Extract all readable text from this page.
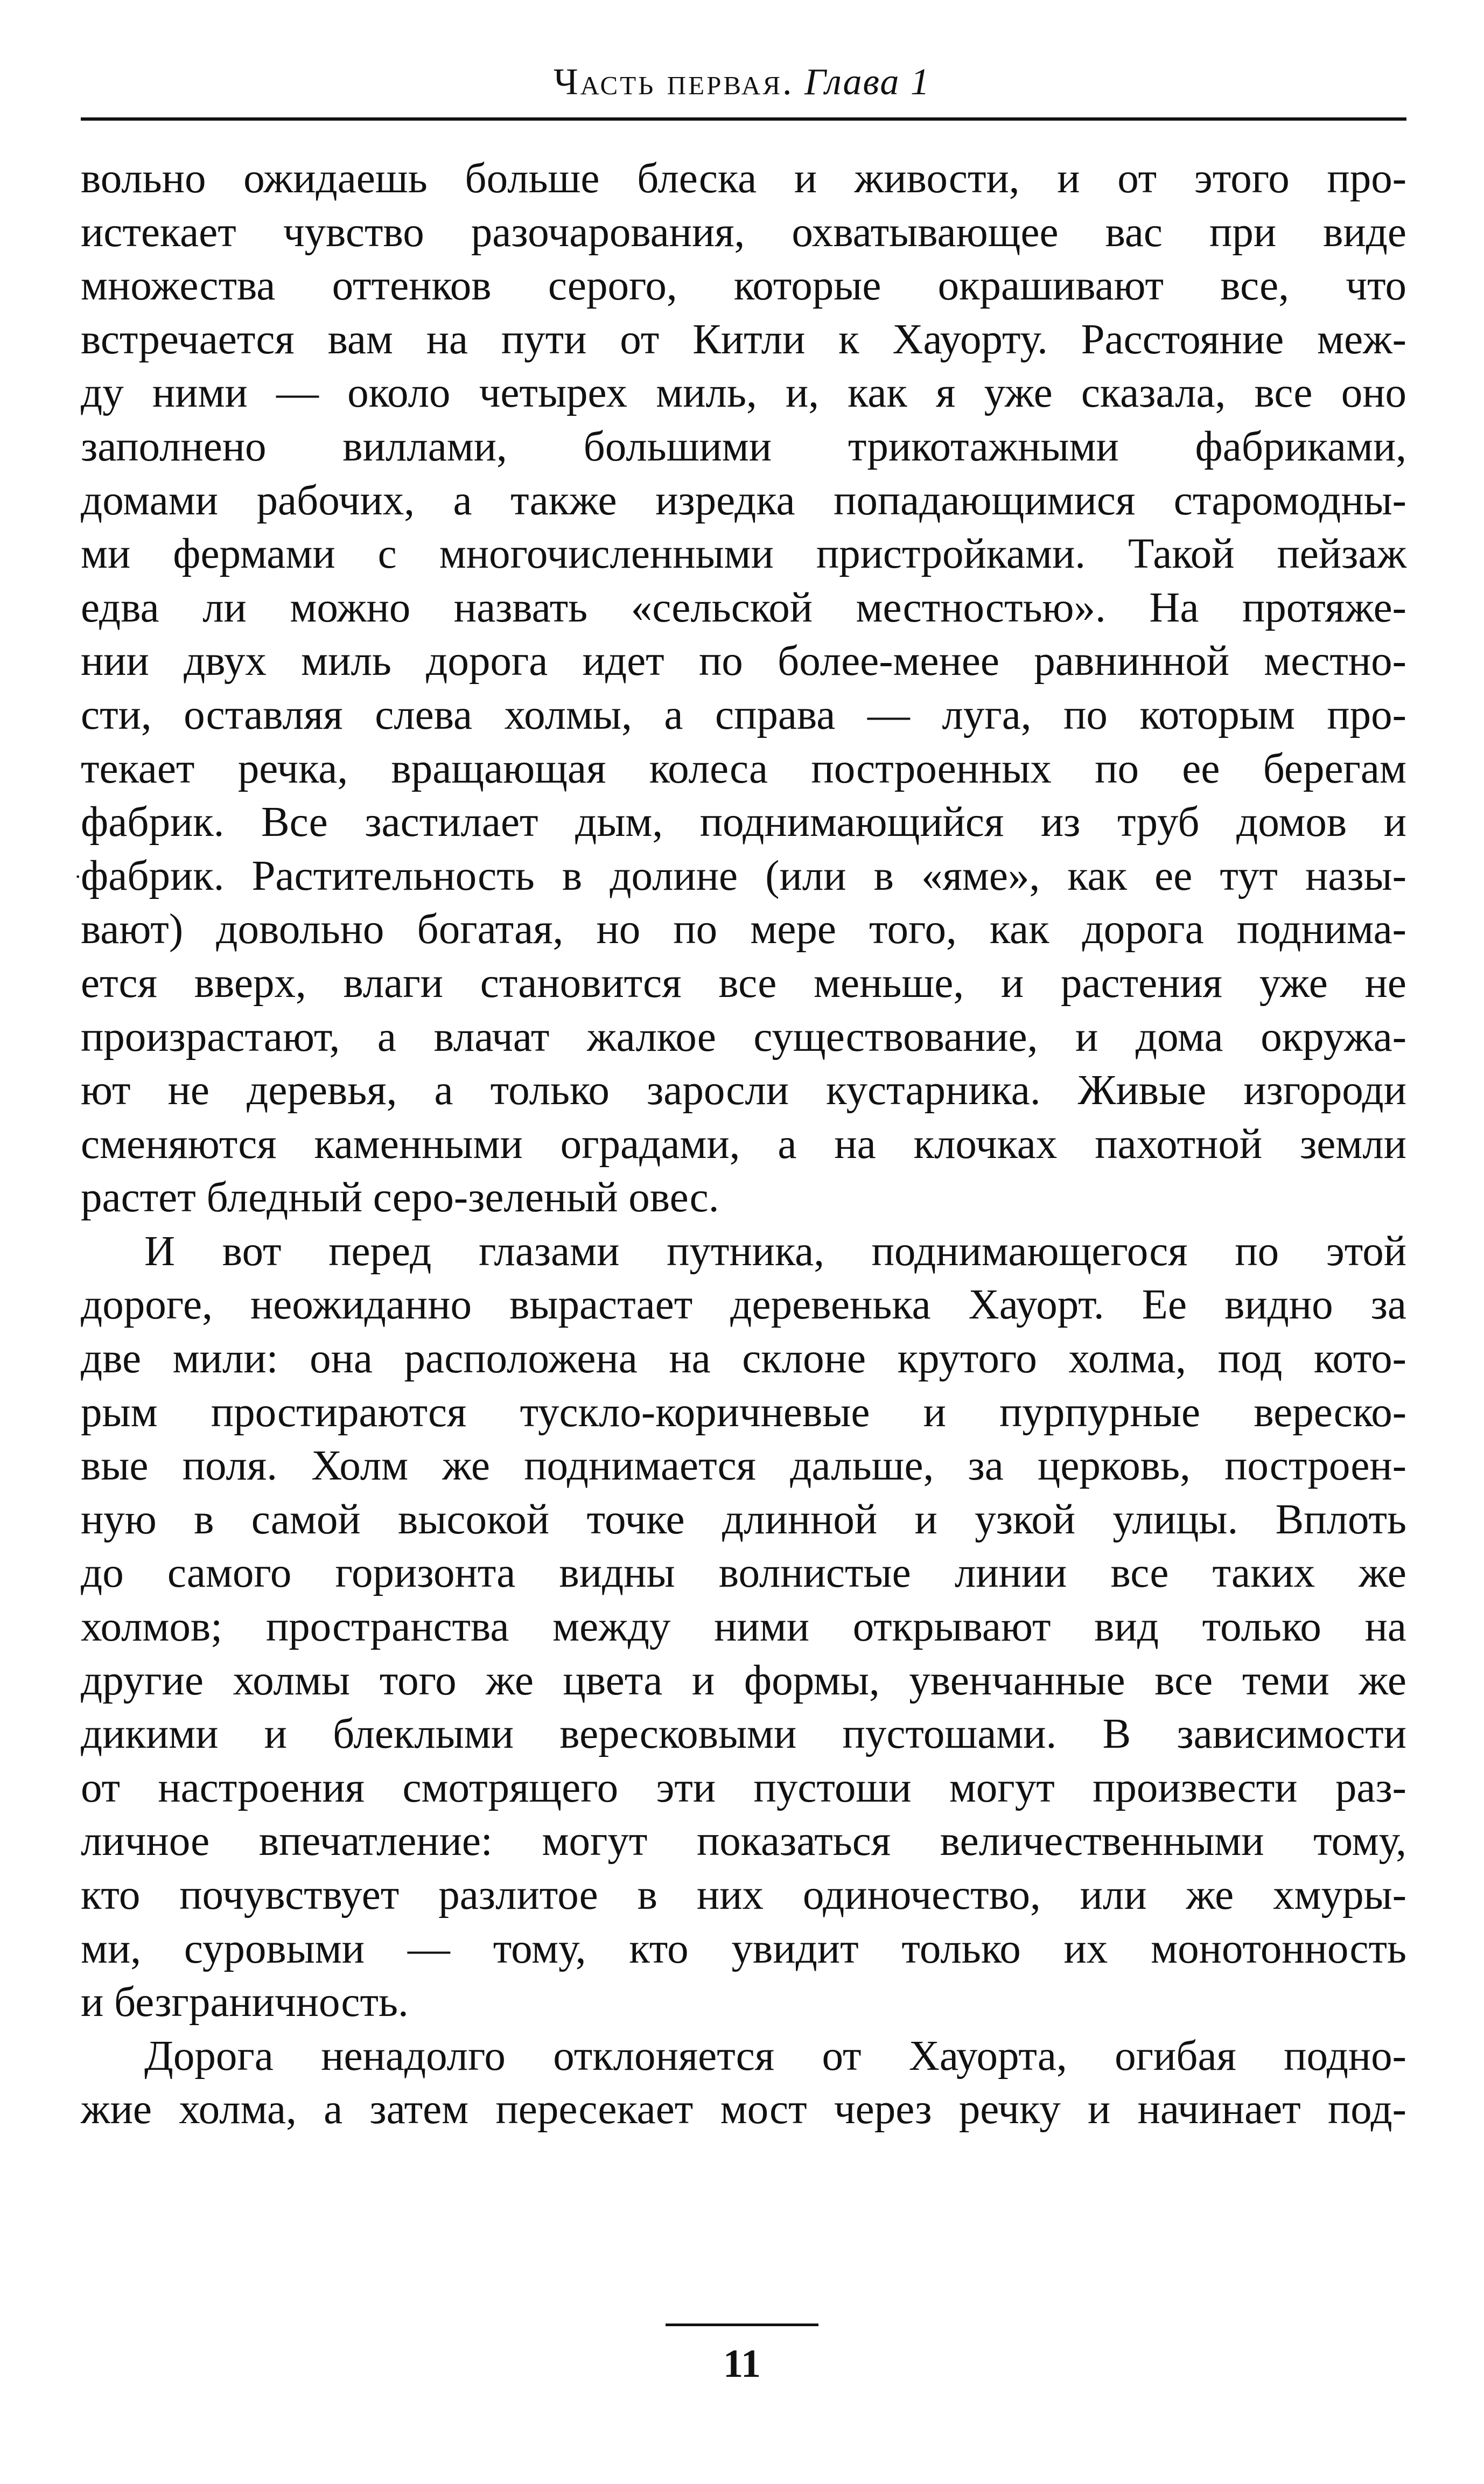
Часть первая. Глава 1
вольно ожидаешь больше блеска и живости, и от этого про-
истекает чувство разочарования, охватывающее вас при виде
множества оттенков серого, которые окрашивают все, что
встречается вам на пути от Китли к Хауорту. Расстояние меж-
ду ними — около четырех миль, и, как я уже сказала, все оно
заполнено виллами, большими трикотажными фабриками,
домами рабочих, а также изредка попадающимися старомодны-
ми фермами с многочисленными пристройками. Такой пейзаж
едва ли можно назвать «сельской местностью». На протяже-
нии двух миль дорога идет по более-менее равнинной местно-
сти, оставляя слева холмы, а справа — луга, по которым про-
текает речка, вращающая колеса построенных по ее берегам
фабрик. Все застилает дым, поднимающийся из труб домов и
фабрик. Растительность в долине (или в «яме», как ее тут назы-
вают) довольно богатая, но по мере того, как дорога поднима-
ется вверх, влаги становится все меньше, и растения уже не
произрастают, а влачат жалкое существование, и дома окружа-
ют не деревья, а только заросли кустарника. Живые изгороди
сменяются каменными оградами, а на клочках пахотной земли
растет бледный серо-зеленый овес.
И вот перед глазами путника, поднимающегося по этой
дороге, неожиданно вырастает деревенька Хауорт. Ее видно за
две мили: она расположена на склоне крутого холма, под кото-
рым простираются тускло-коричневые и пурпурные вереско-
вые поля. Холм же поднимается дальше, за церковь, построен-
ную в самой высокой точке длинной и узкой улицы. Вплоть
до самого горизонта видны волнистые линии все таких же
холмов; пространства между ними открывают вид только на
другие холмы того же цвета и формы, увенчанные все теми же
дикими и блеклыми вересковыми пустошами. В зависимости
от настроения смотрящего эти пустоши могут произвести раз-
личное впечатление: могут показаться величественными тому,
кто почувствует разлитое в них одиночество, или же хмуры-
ми, суровыми — тому, кто увидит только их монотонность
и безграничность.
Дорога ненадолго отклоняется от Хауорта, огибая подно-
жие холма, а затем пересекает мост через речку и начинает под-
·
11
